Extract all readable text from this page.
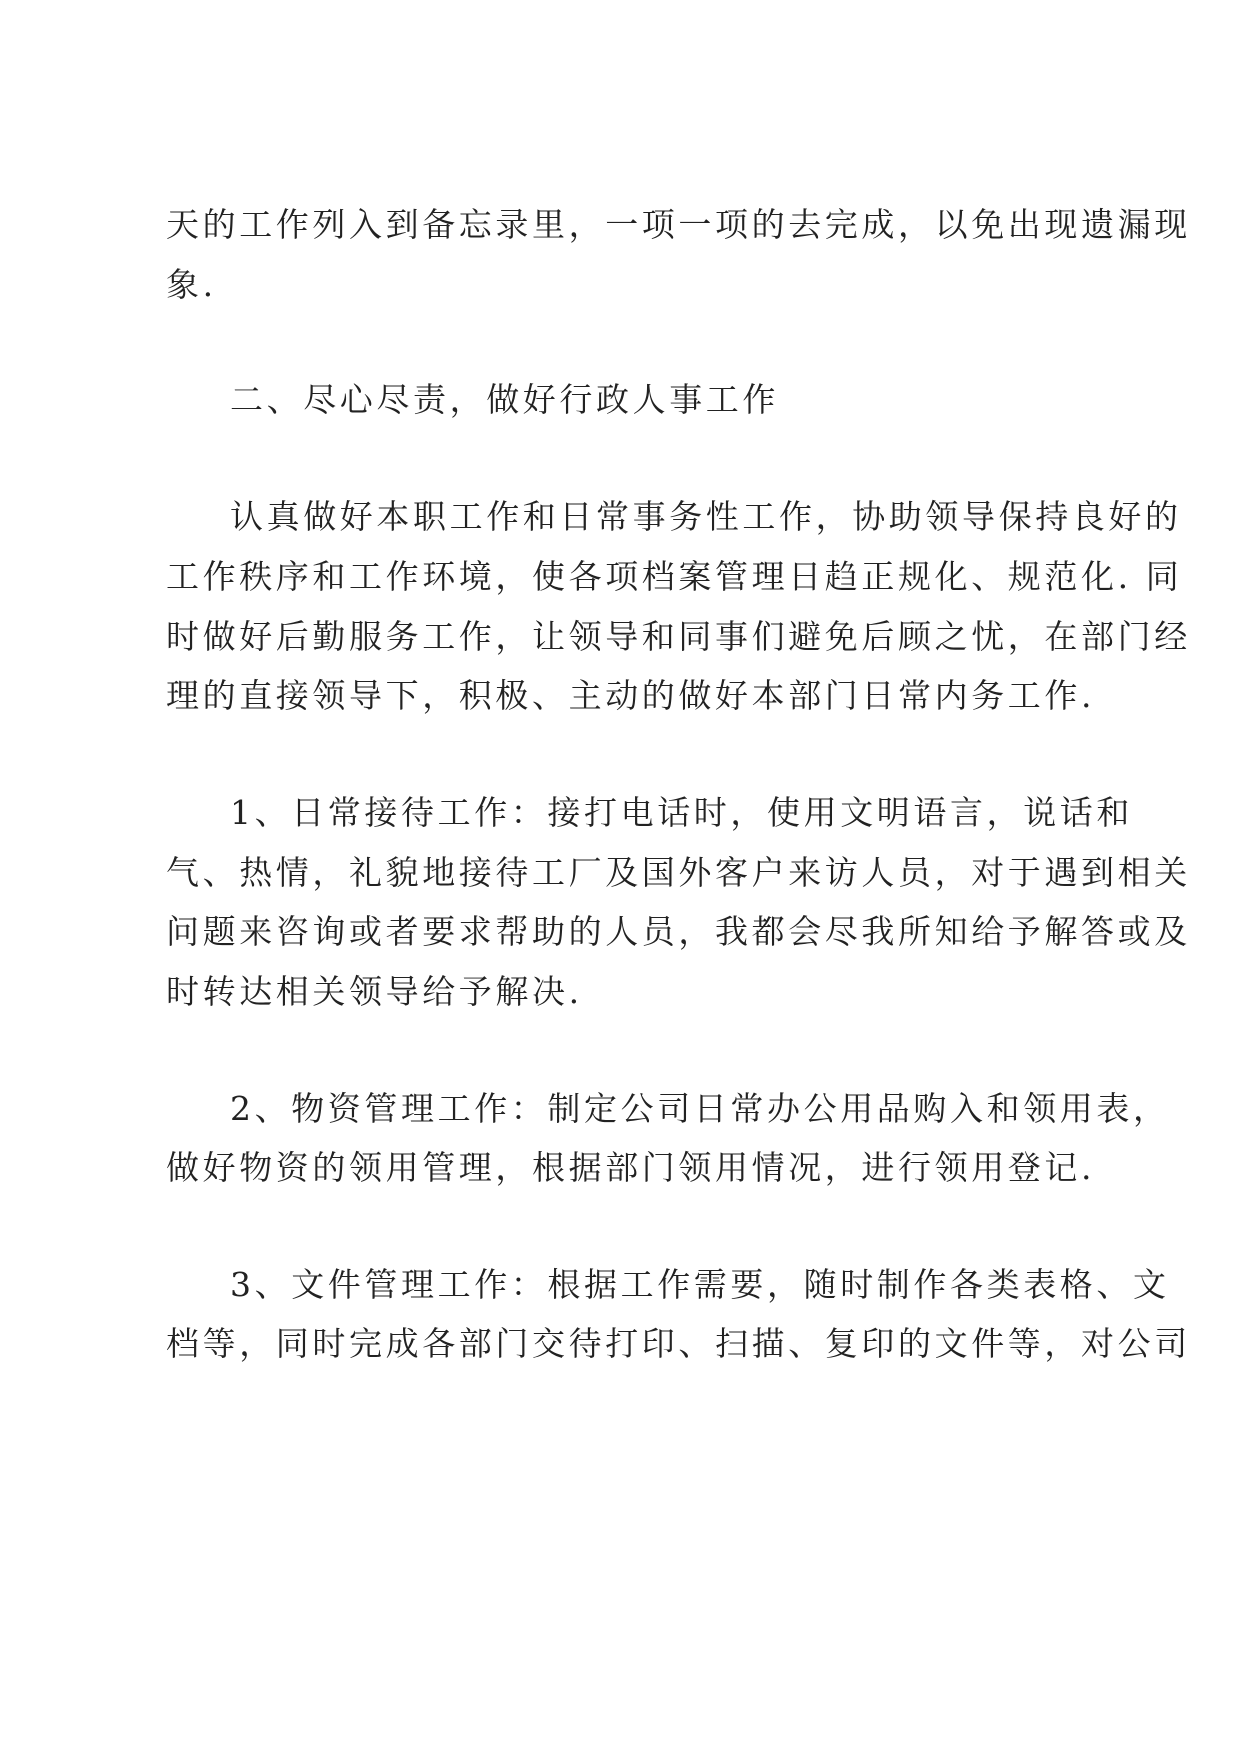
天的工作列入到备忘录里，一项一项的去完成，以免出现遗漏现
象.
二、尽心尽责，做好行政人事工作
认真做好本职工作和日常事务性工作，协助领导保持良好的
工作秩序和工作环境，使各项档案管理日趋正规化、规范化. 同
时做好后勤服务工作，让领导和同事们避免后顾之忧，在部门经
理的直接领导下，积极、主动的做好本部门日常内务工作.
1、日常接待工作：接打电话时，使用文明语言，说话和
气、热情，礼貌地接待工厂及国外客户来访人员，对于遇到相关
问题来咨询或者要求帮助的人员，我都会尽我所知给予解答或及
时转达相关领导给予解决.
2、物资管理工作：制定公司日常办公用品购入和领用表，
做好物资的领用管理，根据部门领用情况，进行领用登记.
3、文件管理工作：根据工作需要，随时制作各类表格、文
档等，同时完成各部门交待打印、扫描、复印的文件等，对公司
